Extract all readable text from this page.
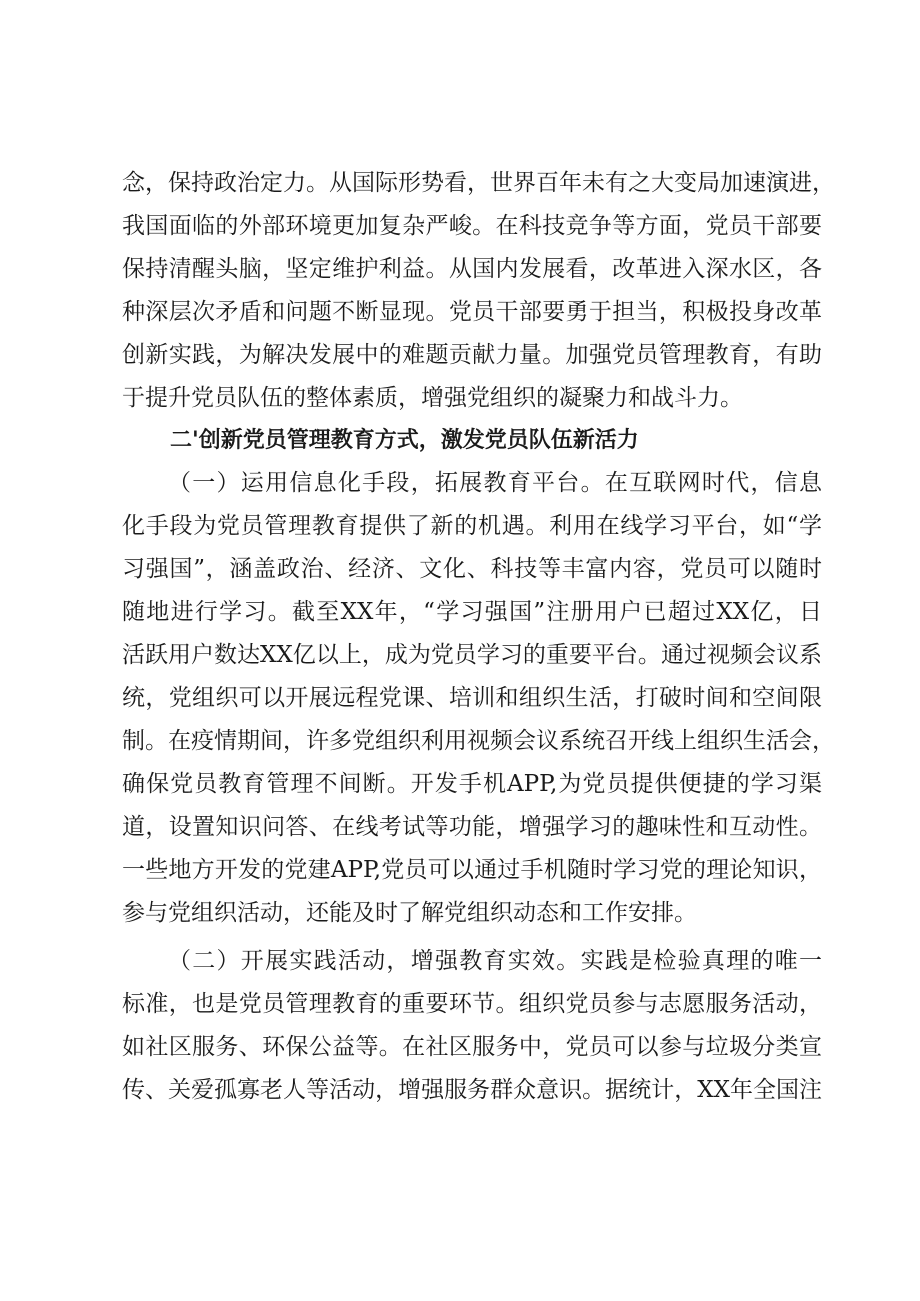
念，保持政治定力。从国际形势看，世界百年未有之大变局加速演进，
我国面临的外部环境更加复杂严峻。在科技竞争等方面，党员干部要
保持清醒头脑，坚定维护利益。从国内发展看，改革进入深水区，各
种深层次矛盾和问题不断显现。党员干部要勇于担当，积极投身改革
创新实践，为解决发展中的难题贡献力量。加强党员管理教育，有助
于提升党员队伍的整体素质，增强党组织的凝聚力和战斗力。
二'创新党员管理教育方式，激发党员队伍新活力
（一）运用信息化手段，拓展教育平台。在互联网时代，信息
化手段为党员管理教育提供了新的机遇。利用在线学习平台，如“学
习强国”，涵盖政治、经济、文化、科技等丰富内容，党员可以随时
随地进行学习。截至XX年，“学习强国”注册用户已超过XX亿，日
活跃用户数达XX亿以上，成为党员学习的重要平台。通过视频会议系
统，党组织可以开展远程党课、培训和组织生活，打破时间和空间限
制。在疫情期间，许多党组织利用视频会议系统召开线上组织生活会，
确保党员教育管理不间断。开发手机APP,为党员提供便捷的学习渠
道，设置知识问答、在线考试等功能，增强学习的趣味性和互动性。
一些地方开发的党建APP,党员可以通过手机随时学习党的理论知识，
参与党组织活动，还能及时了解党组织动态和工作安排。
（二）开展实践活动，增强教育实效。实践是检验真理的唯一
标准，也是党员管理教育的重要环节。组织党员参与志愿服务活动，
如社区服务、环保公益等。在社区服务中，党员可以参与垃圾分类宣
传、关爱孤寡老人等活动，增强服务群众意识。据统计，XX年全国注
